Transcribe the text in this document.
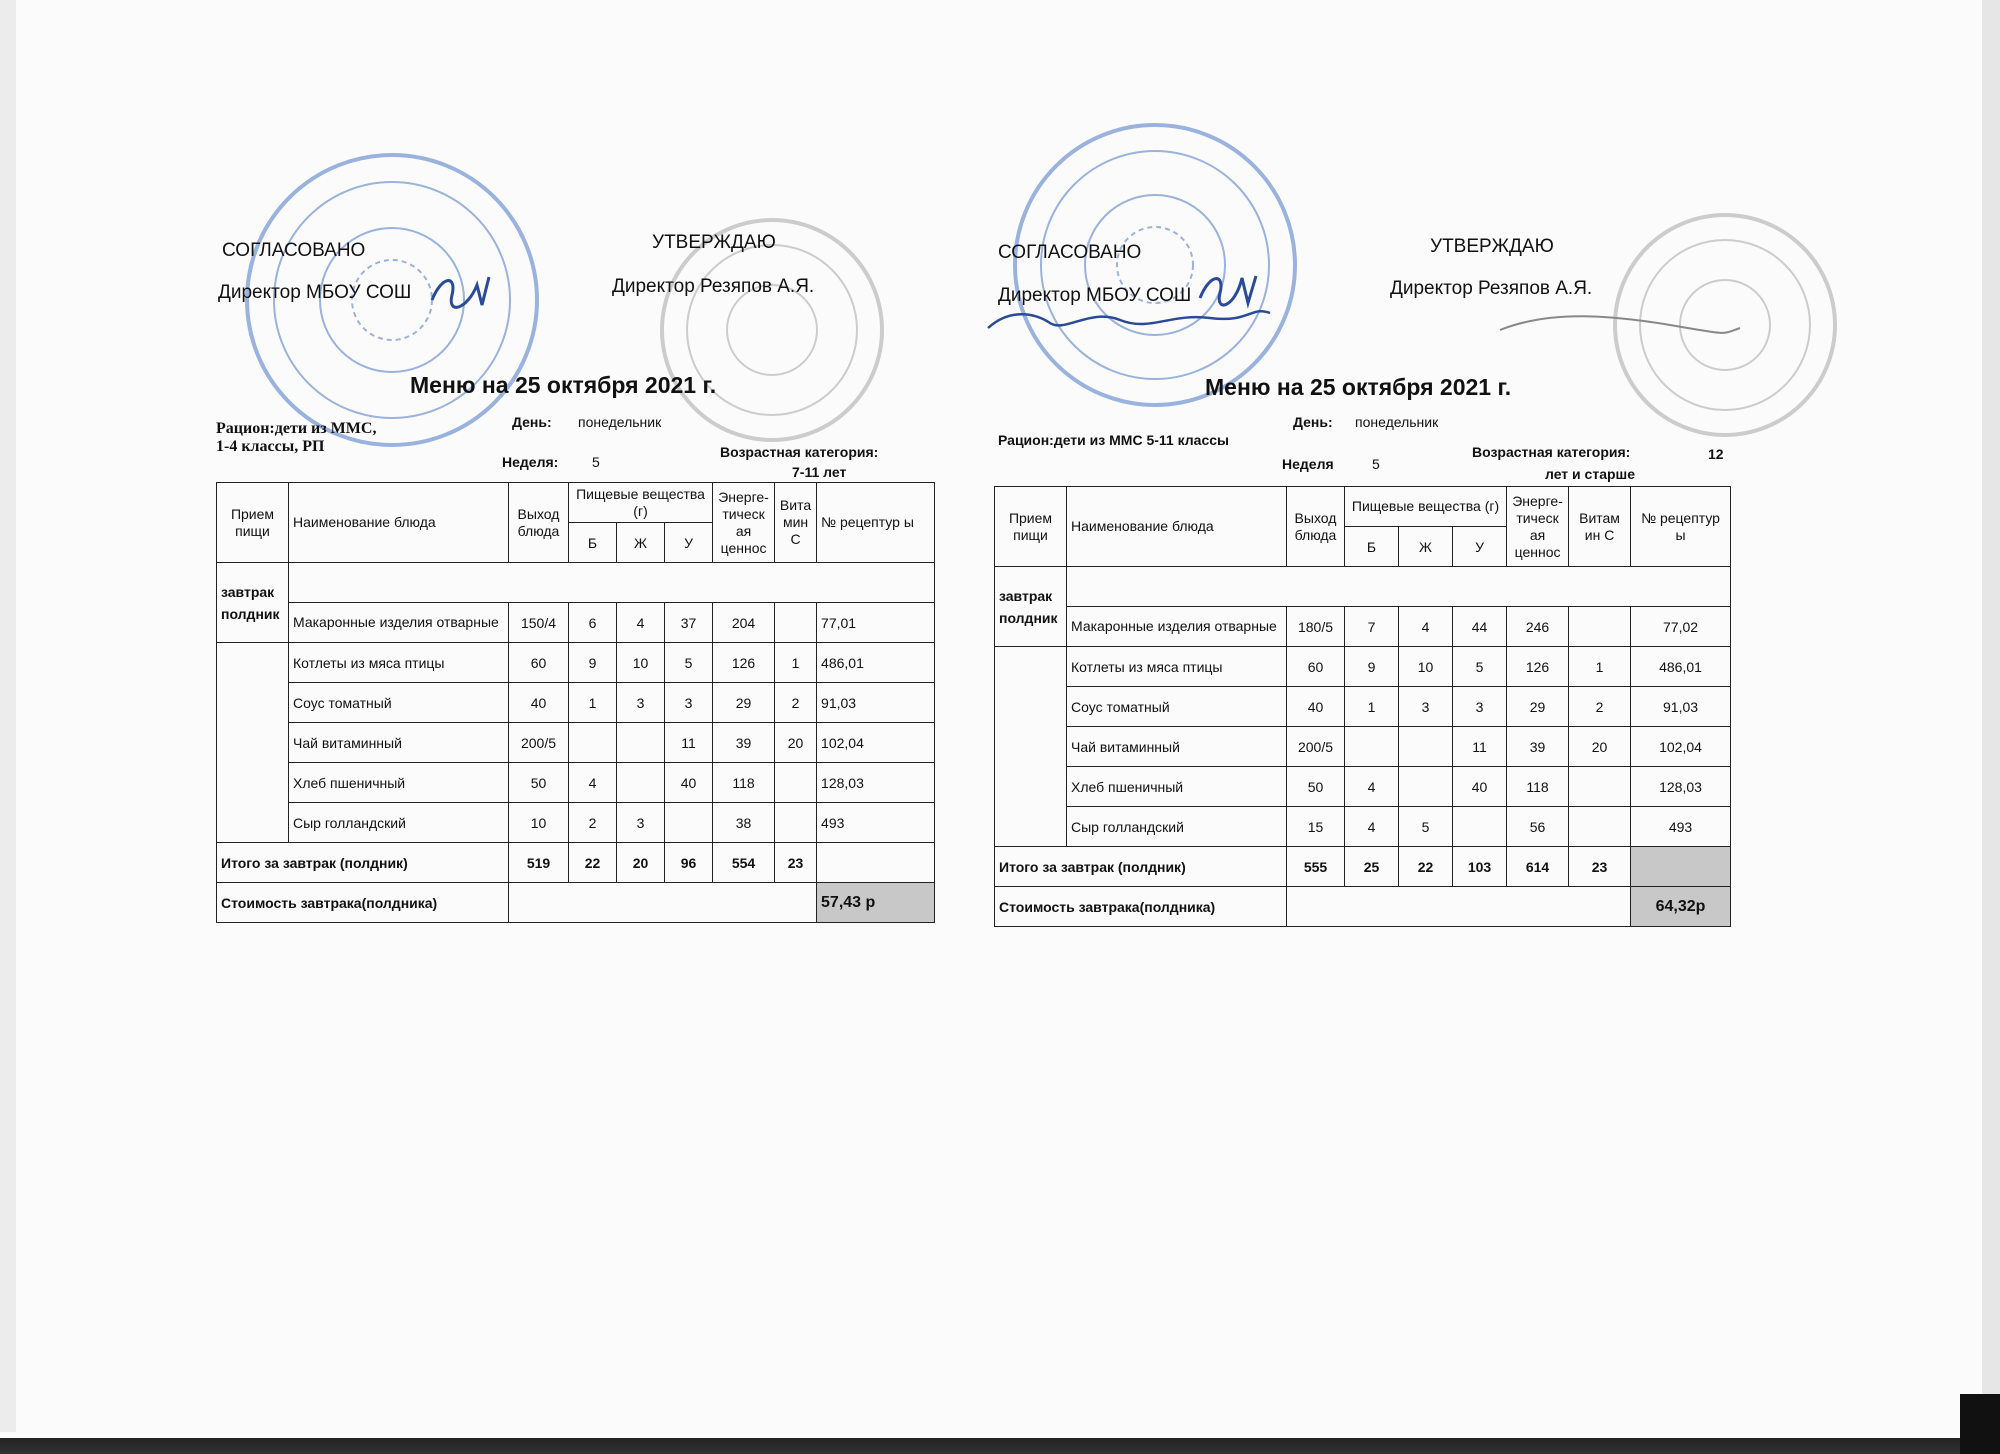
СОГЛАСОВАНО
Директор МБОУ СОШ
УТВЕРЖДАЮ
Директор Резяпов А.Я.
Меню на 25 октября 2021 г.
Рацион:дети из ММС,
1-4 классы, РП
День: понедельник
Неделя: 5
Возрастная категория:
7-11 лет
Прием пищи	Наименование блюда	Выход блюда	Пищевые вещества (г)			Энерге-тическ ая ценнос	Вита мин С	№ рецептур ы
			Б	Ж	У			
завтрак
полдник								
	Макаронные изделия отварные	150/4	6	4	37	204		77,01
	Котлеты из мяса птицы	60	9	10	5	126	1	486,01
	Соус томатный	40	1	3	3	29	2	91,03
	Чай витаминный	200/5			11	39	20	102,04
	Хлеб пшеничный	50	4		40	118		128,03
	Сыр голландский	10	2	3		38		493
Итого за завтрак (полдник)		519	22	20	96	554	23	
Стоимость завтрака(полдника)								57,43 р
СОГЛАСОВАНО
Директор МБОУ СОШ
УТВЕРЖДАЮ
Директор Резяпов А.Я.
Меню на 25 октября 2021 г.
Рацион:дети из ММС 5-11 классы
День: понедельник
Неделя	5
Возрастная категория:	12
лет и старше
Прием пищи	Наименование блюда	Выход блюда	Пищевые вещества (г)			Энерге-тическ ая ценнос	Витам ин С	№ рецептур ы
			Б	Ж	У			
завтрак
полдник								
	Макаронные изделия отварные	180/5	7	4	44	246		77,02
	Котлеты из мяса птицы	60	9	10	5	126	1	486,01
	Соус томатный	40	1	3	3	29	2	91,03
	Чай витаминный	200/5			11	39	20	102,04
	Хлеб пшеничный	50	4		40	118		128,03
	Сыр голландский	15	4	5		56		493
Итого за завтрак (полдник)		555	25	22	103	614	23	
Стоимость завтрака(полдника)								64,32р
